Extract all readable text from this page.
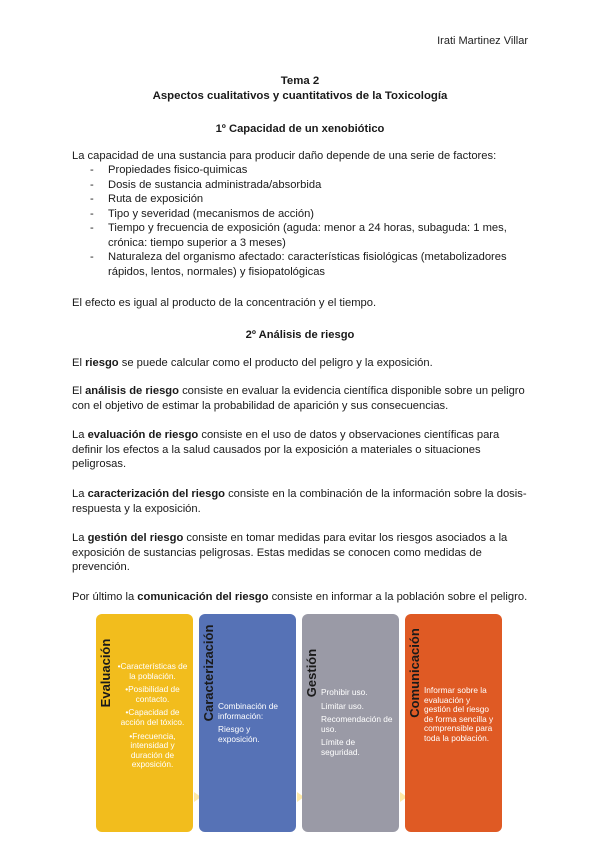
Irati Martinez Villar
Tema 2
Aspectos cualitativos y cuantitativos de la Toxicología
1º Capacidad de un xenobiótico
La capacidad de una sustancia para producir daño depende de una serie de factores:
- Propiedades fisico-quimicas
- Dosis de sustancia administrada/absorbida
- Ruta de exposición
- Tipo y severidad (mecanismos de acción)
- Tiempo y frecuencia de exposición (aguda: menor a 24 horas, subaguda: 1 mes, crónica: tiempo superior a 3 meses)
- Naturaleza del organismo afectado: características fisiológicas (metabolizadores rápidos, lentos, normales) y fisiopatológicas
El efecto es igual al producto de la concentración y el tiempo.
2º Análisis de riesgo
El riesgo se puede calcular como el producto del peligro y la exposición.
El análisis de riesgo consiste en evaluar la evidencia científica disponible sobre un peligro con el objetivo de estimar la probabilidad de aparición y sus consecuencias.
La evaluación de riesgo consiste en el uso de datos y observaciones científicas para definir los efectos a la salud causados por la exposición a materiales o situaciones peligrosas.
La caracterización del riesgo consiste en la combinación de la información sobre la dosis-respuesta y la exposición.
La gestión del riesgo consiste en tomar medidas para evitar los riesgos asociados a la exposición de sustancias peligrosas. Estas medidas se conocen como medidas de prevención.
Por último la comunicación del riesgo consiste en informar a la población sobre el peligro.
Evaluación •Características de la población.
•Posibilidad de contacto.
•Capacidad de acción del tóxico.
•Frecuencia, intensidad y duración de exposición.
Caracterización Combinación de información:
Riesgo y exposición.
Gestión Prohibir uso.
Limitar uso.
Recomendación de uso.
Límite de seguridad.
Comunicación Informar sobre la evaluación y gestión del riesgo de forma sencilla y comprensible para toda la población.
